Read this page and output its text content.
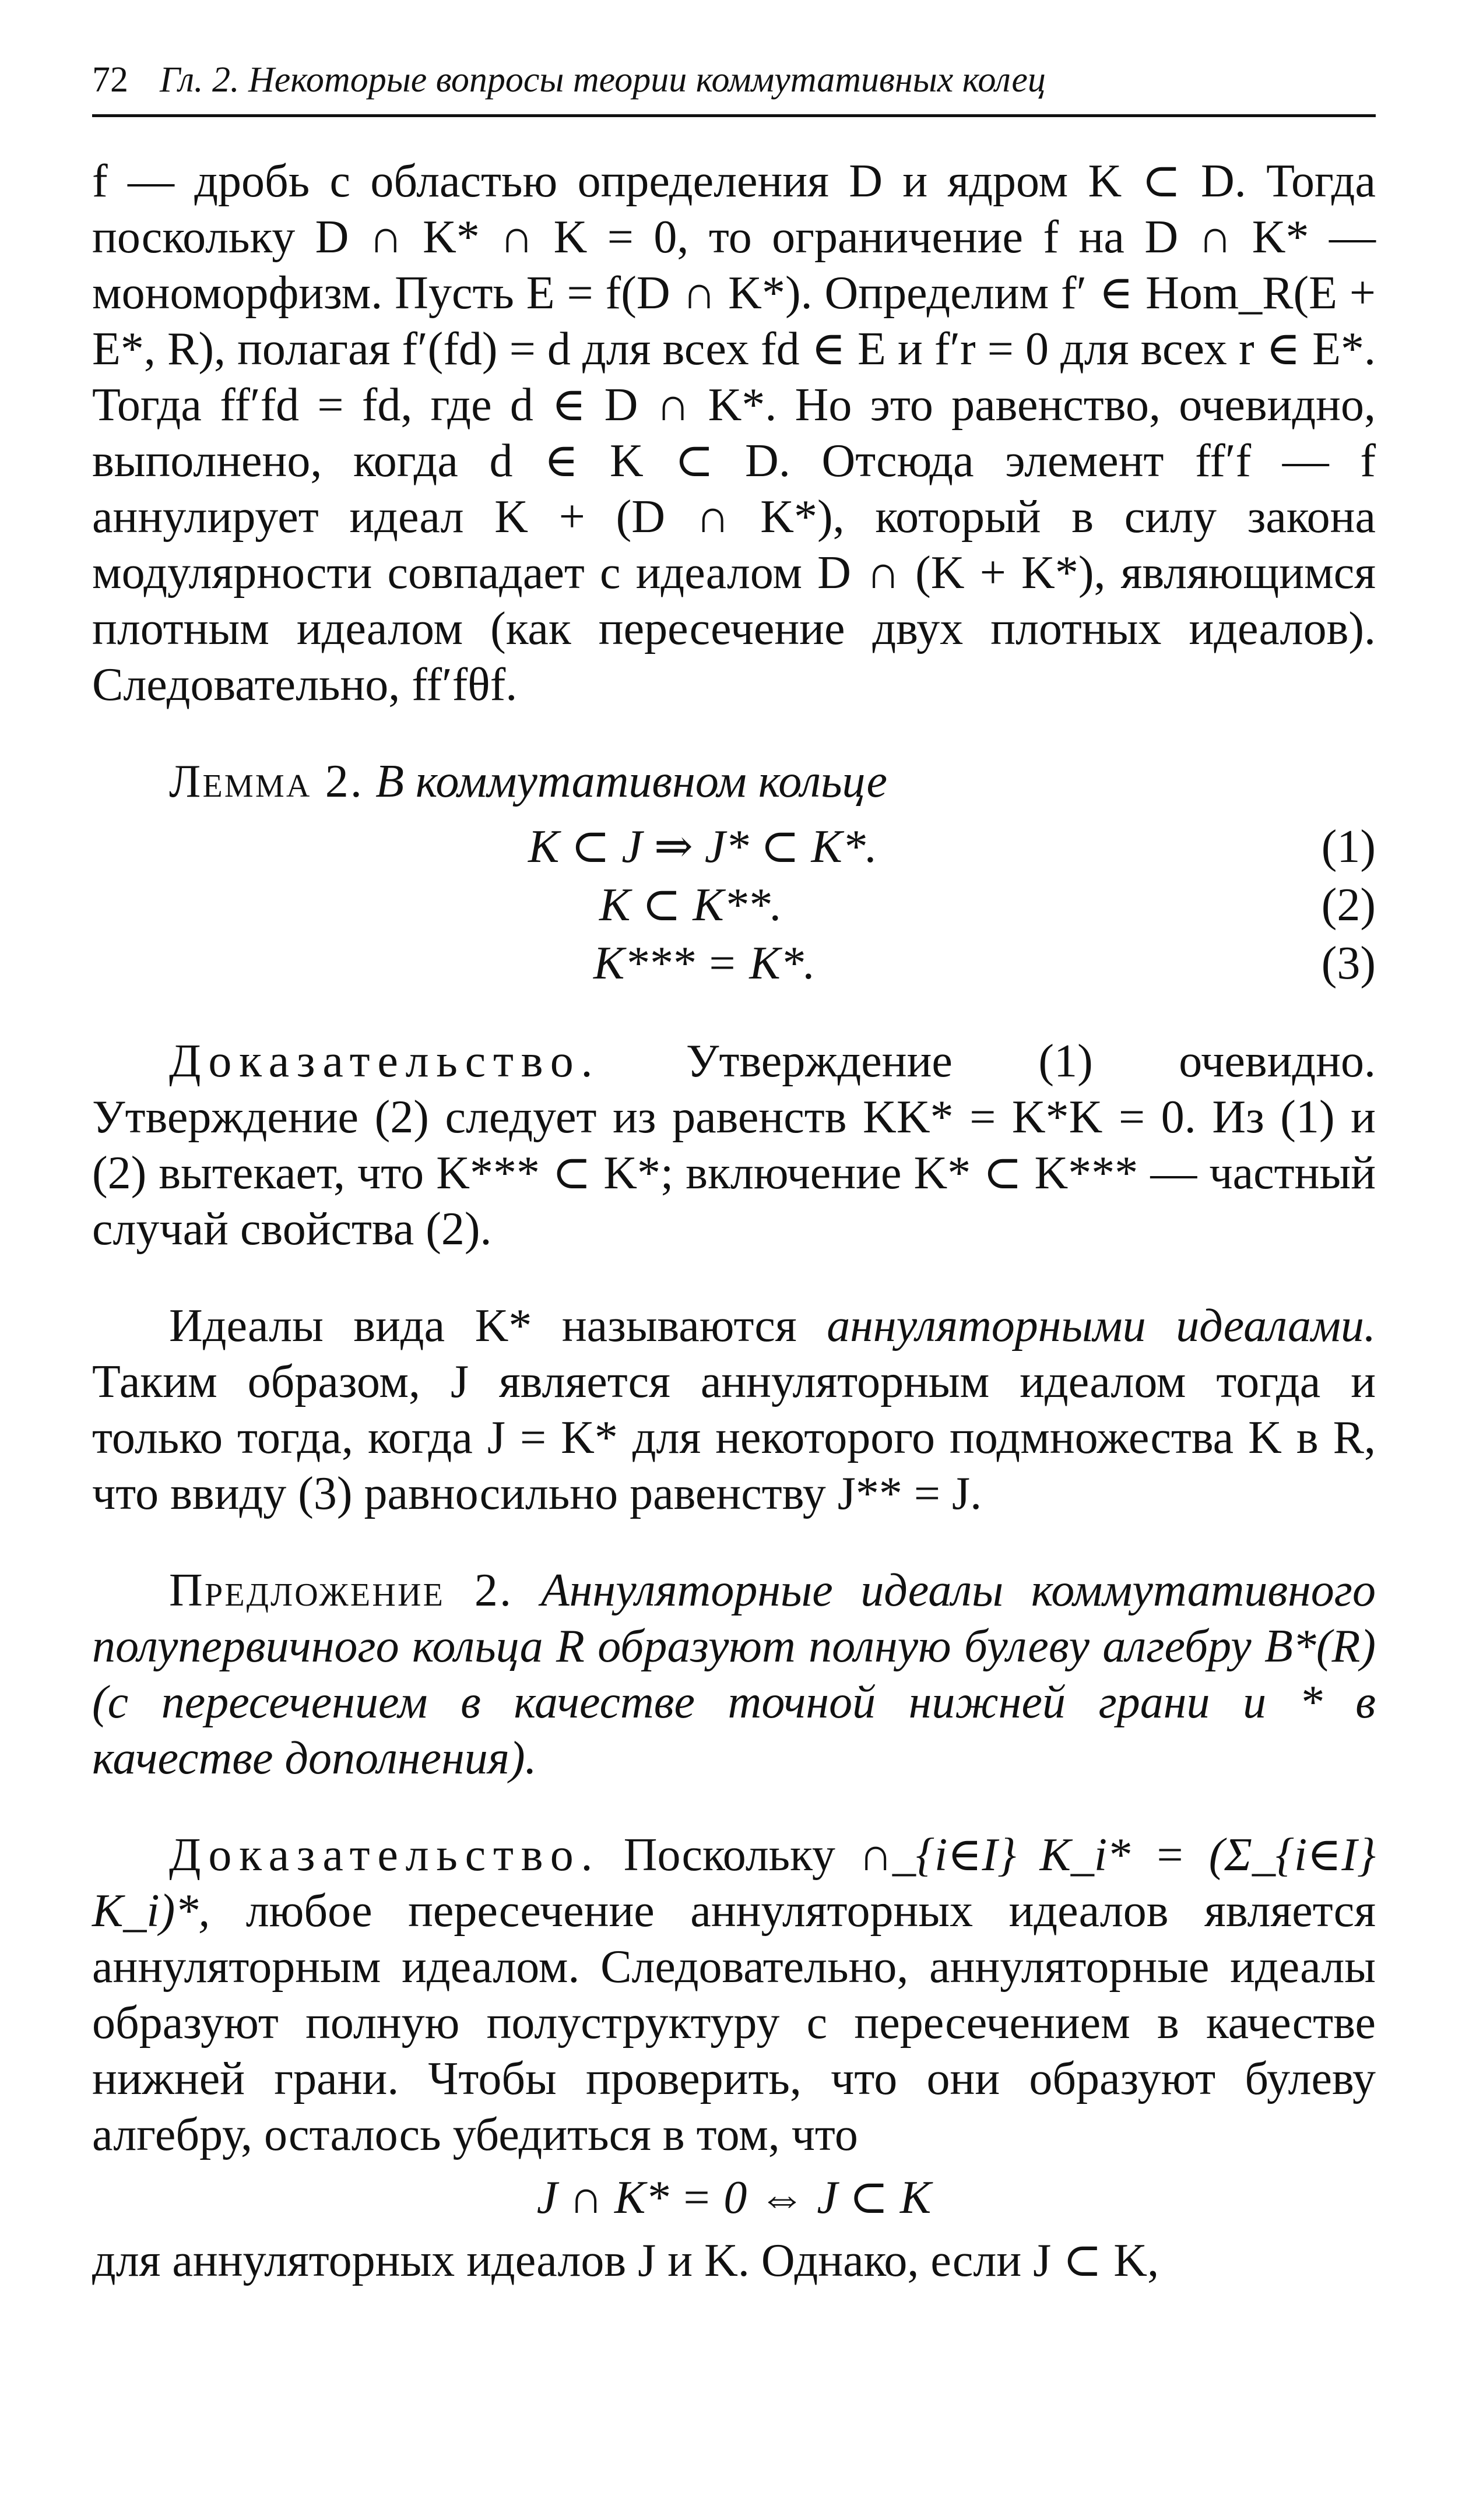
72 Гл. 2. Некоторые вопросы теории коммутативных колец

f — дробь с областью определения D и ядром K ⊂ D. Тогда поскольку D ∩ K* ∩ K = 0, то ограничение f на D ∩ K* — мономорфизм. Пусть E = f(D ∩ K*). Определим f′ ∈ Hom_R(E + E*, R), полагая f′(fd) = d для всех fd ∈ E и f′r = 0 для всех r ∈ E*. Тогда ff′fd = fd, где d ∈ D ∩ K*. Но это равенство, очевидно, выполнено, когда d ∈ K ⊂ D. Отсюда элемент ff′f — f аннулирует идеал K + (D ∩ K*), который в силу закона модулярности совпадает с идеалом D ∩ (K + K*), являющимся плотным идеалом (как пересечение двух плотных идеалов). Следовательно, ff′fθf.

Лемма 2. В коммутативном кольце

K ⊂ J ⇒ J* ⊂ K*.	(1)
K ⊂ K**.	(2)
K*** = K*.	(3)

Доказательство. Утверждение (1) очевидно. Утверждение (2) следует из равенств KK* = K*K = 0. Из (1) и (2) вытекает, что K*** ⊂ K*; включение K* ⊂ K*** — частный случай свойства (2).

Идеалы вида K* называются аннуляторными идеалами. Таким образом, J является аннуляторным идеалом тогда и только тогда, когда J = K* для некоторого подмножества K в R, что ввиду (3) равносильно равенству J** = J.

Предложение 2. Аннуляторные идеалы коммутативного полупервичного кольца R образуют полную булеву алгебру B*(R) (с пересечением в качестве точной нижней грани и * в качестве дополнения).

Доказательство. Поскольку ∩_{i∈I} K_i* = (Σ_{i∈I} K_i)*, любое пересечение аннуляторных идеалов является аннуляторным идеалом. Следовательно, аннуляторные идеалы образуют полную полуструктуру с пересечением в качестве нижней грани. Чтобы проверить, что они образуют булеву алгебру, осталось убедиться в том, что

J ∩ K* = 0 ⇔ J ⊂ K

для аннуляторных идеалов J и K. Однако, если J ⊂ K,
